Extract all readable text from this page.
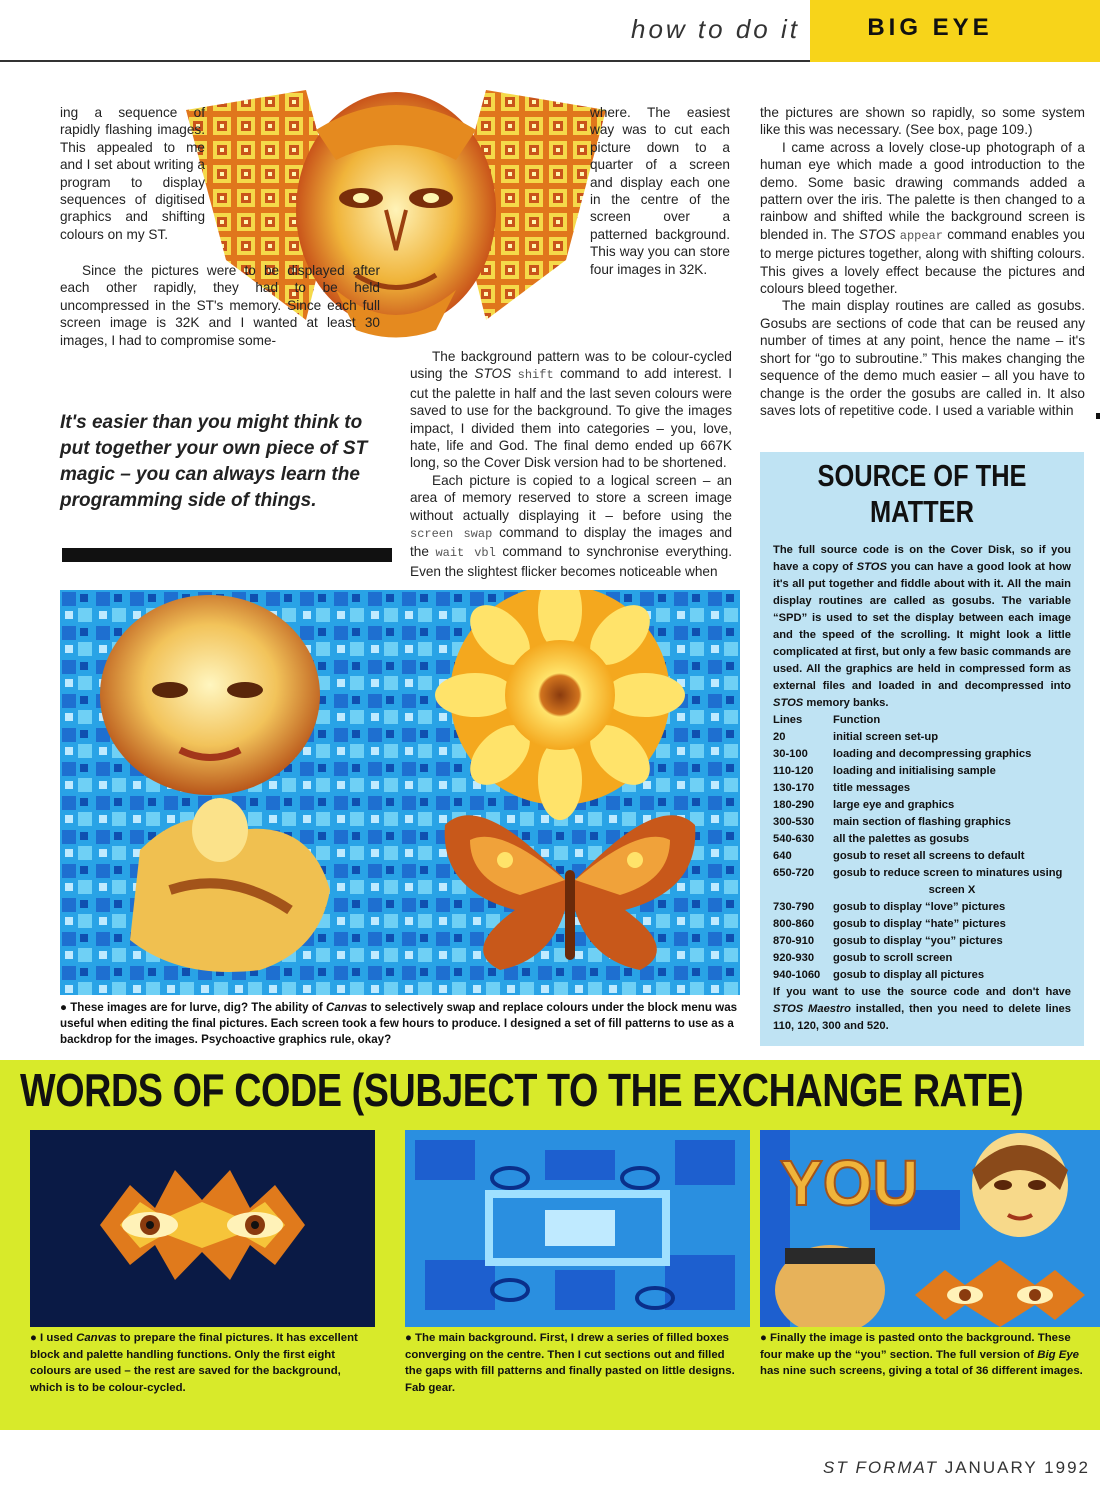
how to do it	BIG EYE

ing a sequence of rapidly flashing images. This appealed to me and I set about writing a program to display sequences of digitised graphics and shifting colours on my ST.

Since the pictures were to be displayed after each other rapidly, they had to be held uncompressed in the ST's memory. Since each full screen image is 32K and I wanted at least 30 images, I had to compromise some-

where. The easiest way was to cut each picture down to a quarter of a screen and display each one in the centre of the screen over a patterned background. This way you can store four images in 32K.

The background pattern was to be colour-cycled using the STOS shift command to add interest. I cut the palette in half and the last seven colours were saved to use for the background. To give the images impact, I divided them into categories – you, love, hate, life and God. The final demo ended up 667K long, so the Cover Disk version had to be shortened.

Each picture is copied to a logical screen – an area of memory reserved to store a screen image without actually displaying it – before using the screen swap command to display the images and the wait vbl command to synchronise everything. Even the slightest flicker becomes noticeable when

the pictures are shown so rapidly, so some system like this was necessary. (See box, page 109.)

I came across a lovely close-up photograph of a human eye which made a good introduction to the demo. Some basic drawing commands added a pattern over the iris. The palette is then changed to a rainbow and shifted while the background screen is blended in. The STOS appear command enables you to merge pictures together, along with shifting colours. This gives a lovely effect because the pictures and colours bleed together.

The main display routines are called as gosubs. Gosubs are sections of code that can be reused any number of times at any point, hence the name – it's short for “go to subroutine.” This makes changing the sequence of the demo much easier – all you have to change is the order the gosubs are called in. It also saves lots of repetitive code. I used a variable within

It's easier than you might think to put together your own piece of ST magic – you can always learn the programming side of things.
SOURCE OF THE MATTER
The full source code is on the Cover Disk, so if you have a copy of STOS you can have a good look at how it's all put together and fiddle about with it. All the main display routines are called as gosubs. The variable “SPD” is used to set the display between each image and the speed of the scrolling. It might look a little complicated at first, but only a few basic commands are used. All the graphics are held in compressed form as external files and loaded in and decompressed into STOS memory banks.
Lines	Function
20	initial screen set-up
30-100	loading and decompressing graphics
110-120	loading and initialising sample
130-170	title messages
180-290	large eye and graphics
300-530	main section of flashing graphics
540-630	all the palettes as gosubs
640	gosub to reset all screens to default
650-720	gosub to reduce screen to minatures using
screen X
730-790	gosub to display “love” pictures
800-860	gosub to display “hate” pictures
870-910	gosub to display “you” pictures
920-930	gosub to scroll screen
940-1060	gosub to display all pictures
If you want to use the source code and don't have STOS Maestro installed, then you need to delete lines 110, 120, 300 and 520.
● These images are for lurve, dig? The ability of Canvas to selectively swap and replace colours under the block menu was useful when editing the final pictures. Each screen took a few hours to produce. I designed a set of fill patterns to use as a backdrop for the images. Psychoactive graphics rule, okay?
WORDS OF CODE (SUBJECT TO THE EXCHANGE RATE)
YOU
● I used Canvas to prepare the final pictures. It has excellent block and palette handling functions. Only the first eight colours are used – the rest are saved for the background, which is to be colour-cycled.
● The main background. First, I drew a series of filled boxes converging on the centre. Then I cut sections out and filled the gaps with fill patterns and finally pasted on little designs. Fab gear.
● Finally the image is pasted onto the background. These four make up the “you” section. The full version of Big Eye has nine such screens, giving a total of 36 different images.
ST FORMAT JANUARY 1992
